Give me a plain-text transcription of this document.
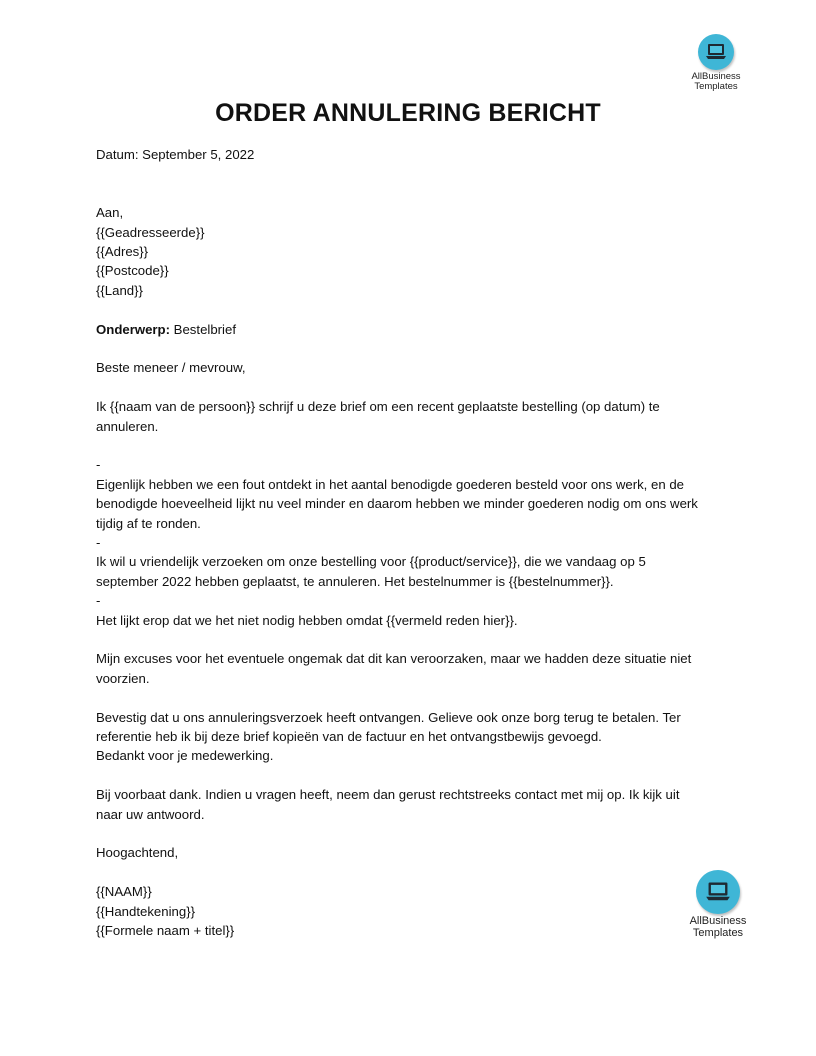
AllBusiness
Templates
ORDER ANNULERING BERICHT

Datum: September 5, 2022

Aan,

{{Geadresseerde}}

{{Adres}}

{{Postcode}}

{{Land}}

Onderwerp: Bestelbrief

Beste meneer / mevrouw,

Ik {{naam van de persoon}} schrijf u deze brief om een recent geplaatste bestelling (op datum) te

annuleren.

-

Eigenlijk hebben we een fout ontdekt in het aantal benodigde goederen besteld voor ons werk, en de

benodigde hoeveelheid lijkt nu veel minder en daarom hebben we minder goederen nodig om ons werk

tijdig af te ronden.

-

Ik wil u vriendelijk verzoeken om onze bestelling voor {{product/service}}, die we vandaag op 5

september 2022 hebben geplaatst, te annuleren. Het bestelnummer is {{bestelnummer}}.

-

Het lijkt erop dat we het niet nodig hebben omdat {{vermeld reden hier}}.

Mijn excuses voor het eventuele ongemak dat dit kan veroorzaken, maar we hadden deze situatie niet

voorzien.

Bevestig dat u ons annuleringsverzoek heeft ontvangen. Gelieve ook onze borg terug te betalen. Ter

referentie heb ik bij deze brief kopieën van de factuur en het ontvangstbewijs gevoegd.

Bedankt voor je medewerking.

Bij voorbaat dank. Indien u vragen heeft, neem dan gerust rechtstreeks contact met mij op. Ik kijk uit

naar uw antwoord.

Hoogachtend,

{{NAAM}}

{{Handtekening}}

{{Formele naam + titel}}

AllBusiness
Templates
